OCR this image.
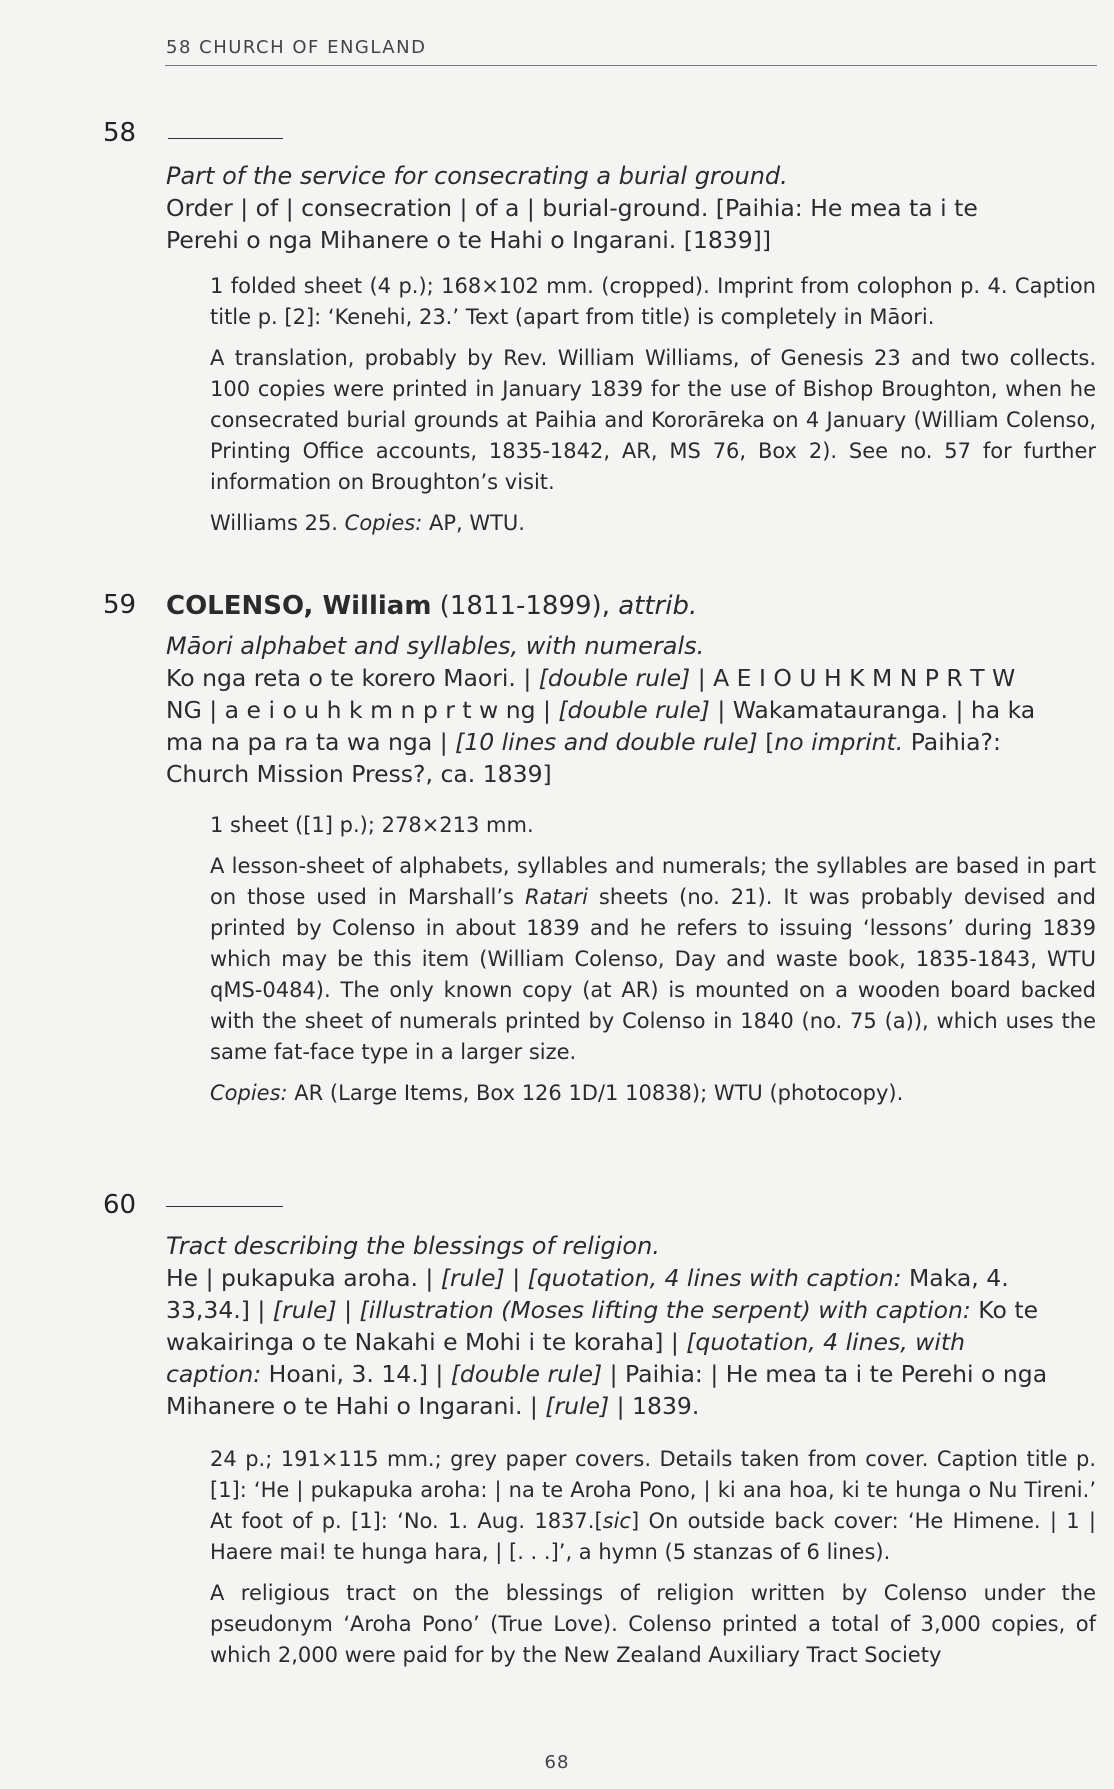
58 CHURCH OF ENGLAND
58
Part of the service for consecrating a burial ground.
Order | of | consecration | of a | burial-ground. [Paihia: He mea ta i te
Perehi o nga Mihanere o te Hahi o Ingarani. [1839]]

1 folded sheet (4 p.); 168×102 mm. (cropped). Imprint from colophon p. 4. Caption title p. [2]: ‘Kenehi, 23.’ Text (apart from title) is completely in Māori.

A translation, probably by Rev. William Williams, of Genesis 23 and two collects. 100 copies were printed in January 1839 for the use of Bishop Broughton, when he consecrated burial grounds at Paihia and Kororāreka on 4 January (William Colenso, Printing Office accounts, 1835-1842, AR, MS 76, Box 2). See no. 57 for further information on Broughton’s visit.

Williams 25. Copies: AP, WTU.

59 COLENSO, William (1811-1899), attrib.
Māori alphabet and syllables, with numerals.
Ko nga reta o te korero Maori. | [double rule] | A E I O U H K M N P R T W
NG | a e i o u h k m n p r t w ng | [double rule] | Wakamatauranga. | ha ka
ma na pa ra ta wa nga | [10 lines and double rule] [no imprint. Paihia?:
Church Mission Press?, ca. 1839]

1 sheet ([1] p.); 278×213 mm.

A lesson-sheet of alphabets, syllables and numerals; the syllables are based in part on those used in Marshall’s Ratari sheets (no. 21). It was probably devised and printed by Colenso in about 1839 and he refers to issuing ‘lessons’ during 1839 which may be this item (William Colenso, Day and waste book, 1835-1843, WTU qMS-0484). The only known copy (at AR) is mounted on a wooden board backed with the sheet of numerals printed by Colenso in 1840 (no. 75 (a)), which uses the same fat-face type in a larger size.

Copies: AR (Large Items, Box 126 1D/1 10838); WTU (photocopy).

60
Tract describing the blessings of religion.
He | pukapuka aroha. | [rule] | [quotation, 4 lines with caption: Maka, 4.
33,34.] | [rule] | [illustration (Moses lifting the serpent) with caption: Ko te
wakairinga o te Nakahi e Mohi i te koraha] | [quotation, 4 lines, with
caption: Hoani, 3. 14.] | [double rule] | Paihia: | He mea ta i te Perehi o nga
Mihanere o te Hahi o Ingarani. | [rule] | 1839.

24 p.; 191×115 mm.; grey paper covers. Details taken from cover. Caption title p. [1]: ‘He | pukapuka aroha: | na te Aroha Pono, | ki ana hoa, ki te hunga o Nu Tireni.’ At foot of p. [1]: ‘No. 1. Aug. 1837.[sic] On outside back cover: ‘He Himene. | 1 | Haere mai! te hunga hara, | [. . .]’, a hymn (5 stanzas of 6 lines).

A religious tract on the blessings of religion written by Colenso under the pseudonym ‘Aroha Pono’ (True Love). Colenso printed a total of 3,000 copies, of which 2,000 were paid for by the New Zealand Auxiliary Tract Society

68
